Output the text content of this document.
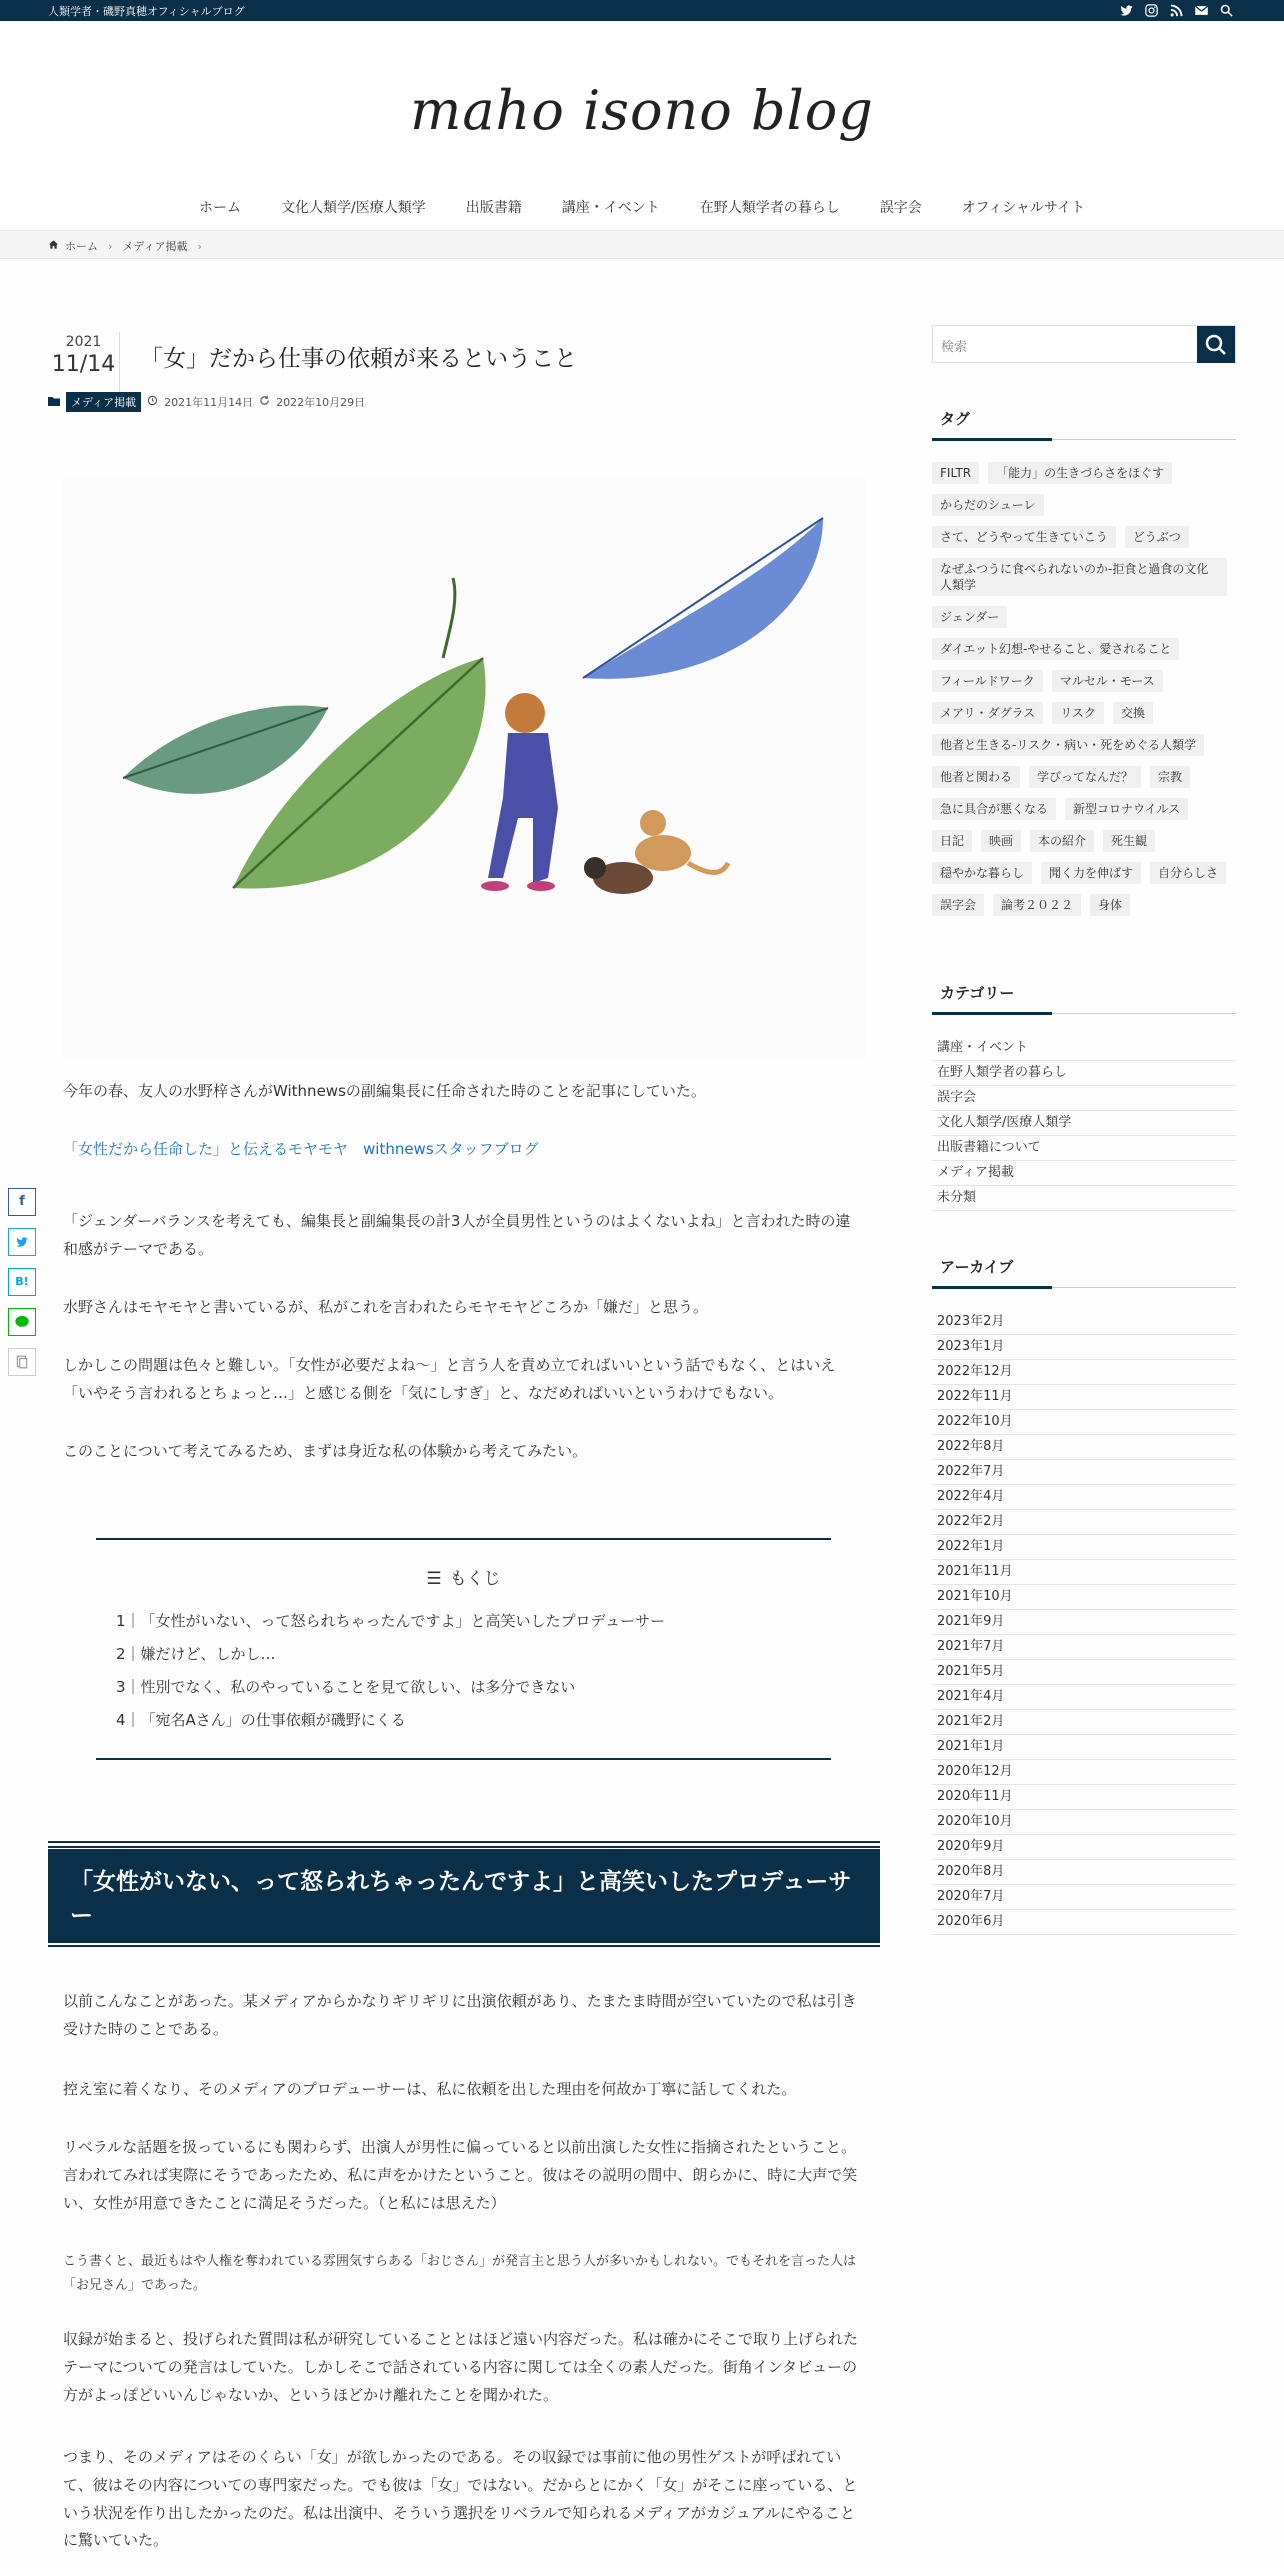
人類学者・磯野真穂オフィシャルブログ
maho isono blog
ホーム	文化人類学/医療人類学	出版書籍	講座・イベント	在野人類学者の暮らし	誤字会	オフィシャルサイト
ホーム › メディア掲載 ›
2021
11/14 「女」だから仕事の依頼が来るということ
メディア掲載	2021年11月14日 2022年10月29日

今年の春、友人の水野梓さんがWithnewsの副編集長に任命された時のことを記事にしていた。

「女性だから任命した」と伝えるモヤモヤ　withnewsスタッフブログ

「ジェンダーバランスを考えても、編集長と副編集長の計3人が全員男性というのはよくないよね」と言われた時の違和感がテーマである。

水野さんはモヤモヤと書いているが、私がこれを言われたらモヤモヤどころか「嫌だ」と思う。

しかしこの問題は色々と難しい。「女性が必要だよね〜」と言う人を責め立てればいいという話でもなく、とはいえ「いやそう言われるとちょっと…」と感じる側を「気にしすぎ」と、なだめればいいというわけでもない。

このことについて考えてみるため、まずは身近な私の体験から考えてみたい。

☰ もくじ
1｜「女性がいない、って怒られちゃったんですよ」と高笑いしたプロデューサー
2｜嫌だけど、しかし…
3｜性別でなく、私のやっていることを見て欲しい、は多分できない
4｜「宛名Aさん」の仕事依頼が磯野にくる
「女性がいない、って怒られちゃったんですよ」と高笑いしたプロデューサー

以前こんなことがあった。某メディアからかなりギリギリに出演依頼があり、たまたま時間が空いていたので私は引き受けた時のことである。

控え室に着くなり、そのメディアのプロデューサーは、私に依頼を出した理由を何故か丁寧に話してくれた。

リベラルな話題を扱っているにも関わらず、出演人が男性に偏っていると以前出演した女性に指摘されたということ。言われてみれば実際にそうであったため、私に声をかけたということ。彼はその説明の間中、朗らかに、時に大声で笑い、女性が用意できたことに満足そうだった。（と私には思えた）

こう書くと、最近もはや人権を奪われている雰囲気すらある「おじさん」が発言主と思う人が多いかもしれない。でもそれを言った人は「お兄さん」であった。

収録が始まると、投げられた質問は私が研究していることとはほど遠い内容だった。私は確かにそこで取り上げられたテーマについての発言はしていた。しかしそこで話されている内容に関しては全くの素人だった。街角インタビューの方がよっぽどいいんじゃないか、というほどかけ離れたことを聞かれた。

つまり、そのメディアはそのくらい「女」が欲しかったのである。その収録では事前に他の男性ゲストが呼ばれていて、彼はその内容についての専門家だった。でも彼は「女」ではない。だからとにかく「女」がそこに座っている、という状況を作り出したかったのだ。私は出演中、そういう選択をリベラルで知られるメディアがカジュアルにやることに驚いていた。

f
B!
検索
タグ
FILTR	「能力」の生きづらさをほぐす
からだのシューレ
さて、どうやって生きていこう	どうぶつ
なぜふつうに食べられないのか-拒食と過食の文化人類学
ジェンダー
ダイエット幻想-やせること、愛されること
フィールドワーク	マルセル・モース
メアリ・ダグラス	リスク	交換
他者と生きる-リスク・病い・死をめぐる人類学
他者と関わる	学びってなんだ？	宗教
急に具合が悪くなる	新型コロナウイルス
日記	映画	本の紹介	死生観
穏やかな暮らし	聞く力を伸ばす	自分らしさ
誤字会	論考２０２２	身体
カテゴリー
講座・イベント
在野人類学者の暮らし
誤字会
文化人類学/医療人類学
出版書籍について
メディア掲載
未分類
アーカイブ
2023年2月
2023年1月
2022年12月
2022年11月
2022年10月
2022年8月
2022年7月
2022年4月
2022年2月
2022年1月
2021年11月
2021年10月
2021年9月
2021年7月
2021年5月
2021年4月
2021年2月
2021年1月
2020年12月
2020年11月
2020年10月
2020年9月
2020年8月
2020年7月
2020年6月
